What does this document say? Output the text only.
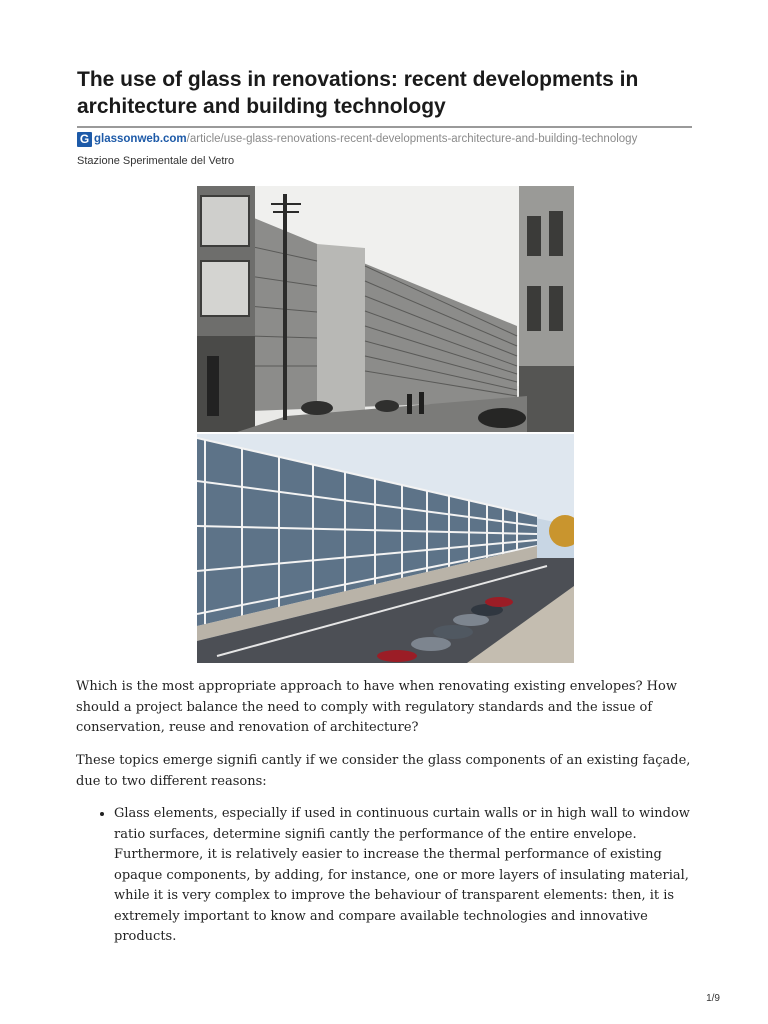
The use of glass in renovations: recent developments in architecture and building technology
G glassonweb.com /article/use-glass-renovations-recent-developments-architecture-and-building-technology
Stazione Sperimentale del Vetro

Which is the most appropriate approach to have when renovating existing envelopes? How should a project balance the need to comply with regulatory standards and the issue of conservation, reuse and renovation of architecture?

These topics emerge signifi cantly if we consider the glass components of an existing façade, due to two different reasons:

• Glass elements, especially if used in continuous curtain walls or in high wall to window ratio surfaces, determine signifi cantly the performance of the entire envelope. Furthermore, it is relatively easier to increase the thermal performance of existing opaque components, by adding, for instance, one or more layers of insulating material, while it is very complex to improve the behaviour of transparent elements: then, it is extremely important to know and compare available technologies and innovative products.
1/9
